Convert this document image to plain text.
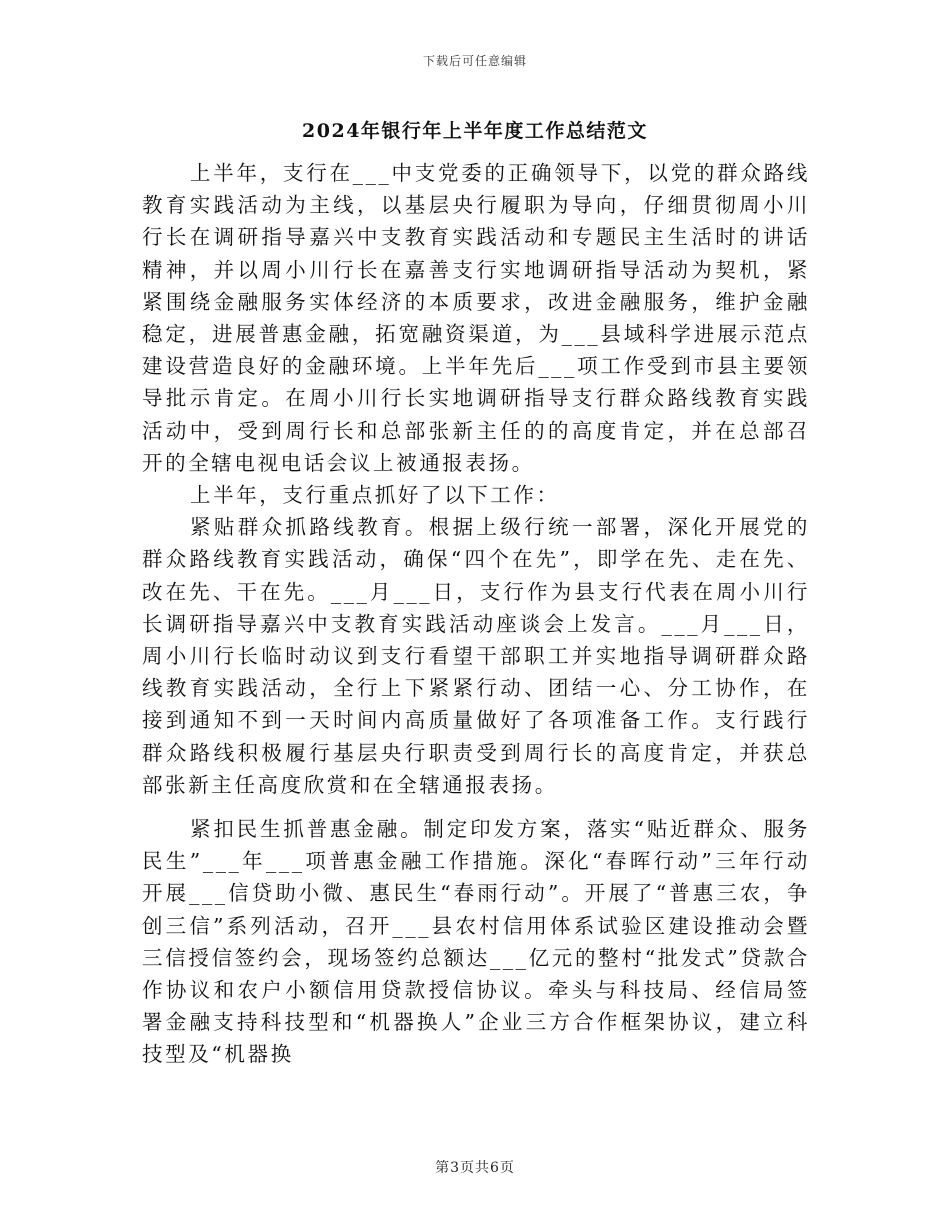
下载后可任意编辑
2024年银行年上半年度工作总结范文

上半年，支行在___中支党委的正确领导下，以党的群众路线教育实践活动为主线，以基层央行履职为导向，仔细贯彻周小川行长在调研指导嘉兴中支教育实践活动和专题民主生活时的讲话精神，并以周小川行长在嘉善支行实地调研指导活动为契机，紧紧围绕金融服务实体经济的本质要求，改进金融服务，维护金融稳定，进展普惠金融，拓宽融资渠道，为___县域科学进展示范点建设营造良好的金融环境。上半年先后___项工作受到市县主要领导批示肯定。在周小川行长实地调研指导支行群众路线教育实践活动中，受到周行长和总部张新主任的的高度肯定，并在总部召开的全辖电视电话会议上被通报表扬。

上半年，支行重点抓好了以下工作：

紧贴群众抓路线教育。根据上级行统一部署，深化开展党的群众路线教育实践活动，确保“四个在先”，即学在先、走在先、改在先、干在先。___月___日，支行作为县支行代表在周小川行长调研指导嘉兴中支教育实践活动座谈会上发言。___月___日，周小川行长临时动议到支行看望干部职工并实地指导调研群众路线教育实践活动，全行上下紧紧行动、团结一心、分工协作，在接到通知不到一天时间内高质量做好了各项准备工作。支行践行群众路线积极履行基层央行职责受到周行长的高度肯定，并获总部张新主任高度欣赏和在全辖通报表扬。

紧扣民生抓普惠金融。制定印发方案，落实“贴近群众、服务民生”___年___项普惠金融工作措施。深化“春晖行动”三年行动开展___信贷助小微、惠民生“春雨行动”。开展了“普惠三农，争创三信”系列活动，召开___县农村信用体系试验区建设推动会暨三信授信签约会，现场签约总额达___亿元的整村“批发式”贷款合作协议和农户小额信用贷款授信协议。牵头与科技局、经信局签署金融支持科技型和“机器换人”企业三方合作框架协议，建立科技型及“机器换

第3页共6页
